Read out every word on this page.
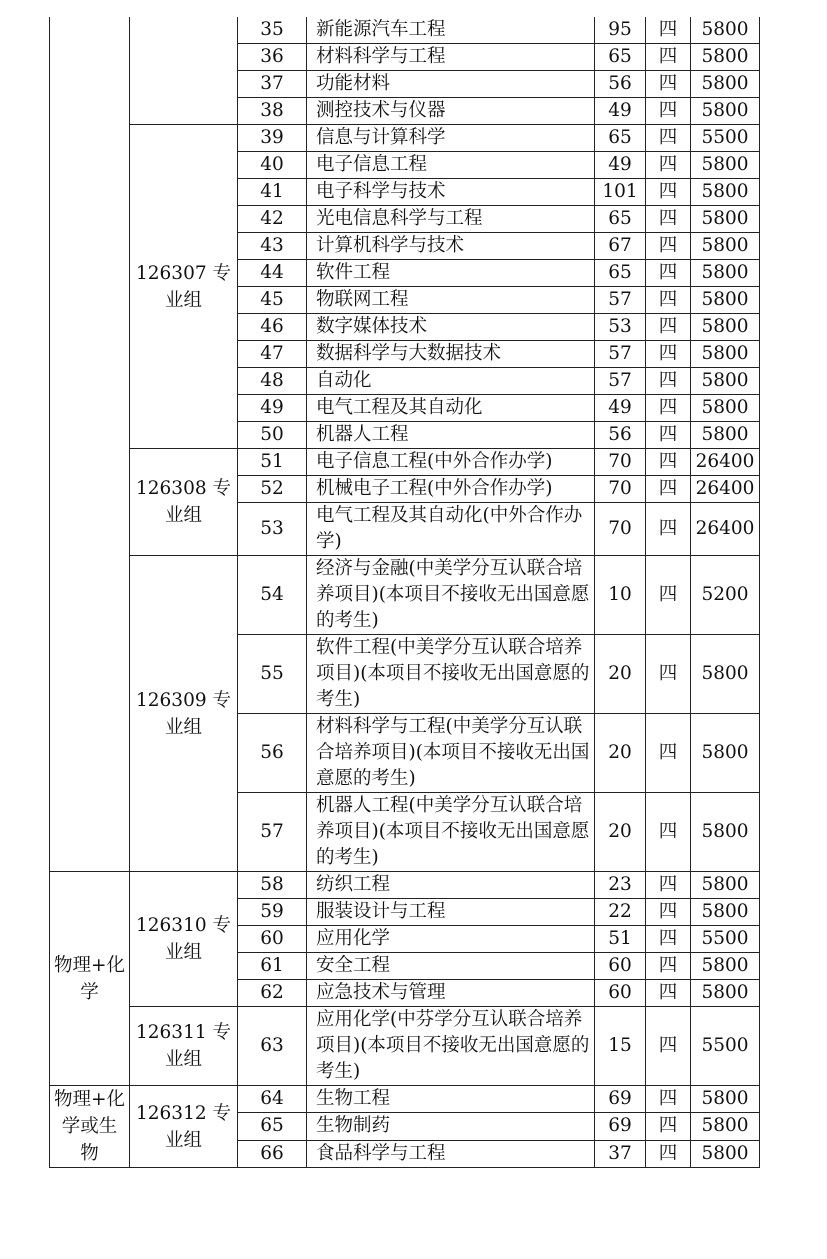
		35	新能源汽车工程	95	四	5800
		36	材料科学与工程	65	四	5800
		37	功能材料	56	四	5800
		38	测控技术与仪器	49	四	5800
	126307 专业组	39	信息与计算科学	65	四	5500
		40	电子信息工程	49	四	5800
		41	电子科学与技术	101	四	5800
		42	光电信息科学与工程	65	四	5800
		43	计算机科学与技术	67	四	5800
		44	软件工程	65	四	5800
		45	物联网工程	57	四	5800
		46	数字媒体技术	53	四	5800
		47	数据科学与大数据技术	57	四	5800
		48	自动化	57	四	5800
		49	电气工程及其自动化	49	四	5800
		50	机器人工程	56	四	5800
	126308 专业组	51	电子信息工程(中外合作办学)	70	四	26400
		52	机械电子工程(中外合作办学)	70	四	26400
		53	电气工程及其自动化(中外合作办学)	70	四	26400
	126309 专业组	54	经济与金融(中美学分互认联合培养项目)(本项目不接收无出国意愿的考生)	10	四	5200
		55	软件工程(中美学分互认联合培养项目)(本项目不接收无出国意愿的考生)	20	四	5800
		56	材料科学与工程(中美学分互认联合培养项目)(本项目不接收无出国意愿的考生)	20	四	5800
		57	机器人工程(中美学分互认联合培养项目)(本项目不接收无出国意愿的考生)	20	四	5800
物理+化学	126310 专业组	58	纺织工程	23	四	5800
		59	服装设计与工程	22	四	5800
		60	应用化学	51	四	5500
		61	安全工程	60	四	5800
		62	应急技术与管理	60	四	5800
	126311 专业组	63	应用化学(中芬学分互认联合培养项目)(本项目不接收无出国意愿的考生)	15	四	5500
物理+化学或生物	126312 专业组	64	生物工程	69	四	5800
		65	生物制药	69	四	5800
		66	食品科学与工程	37	四	5800
